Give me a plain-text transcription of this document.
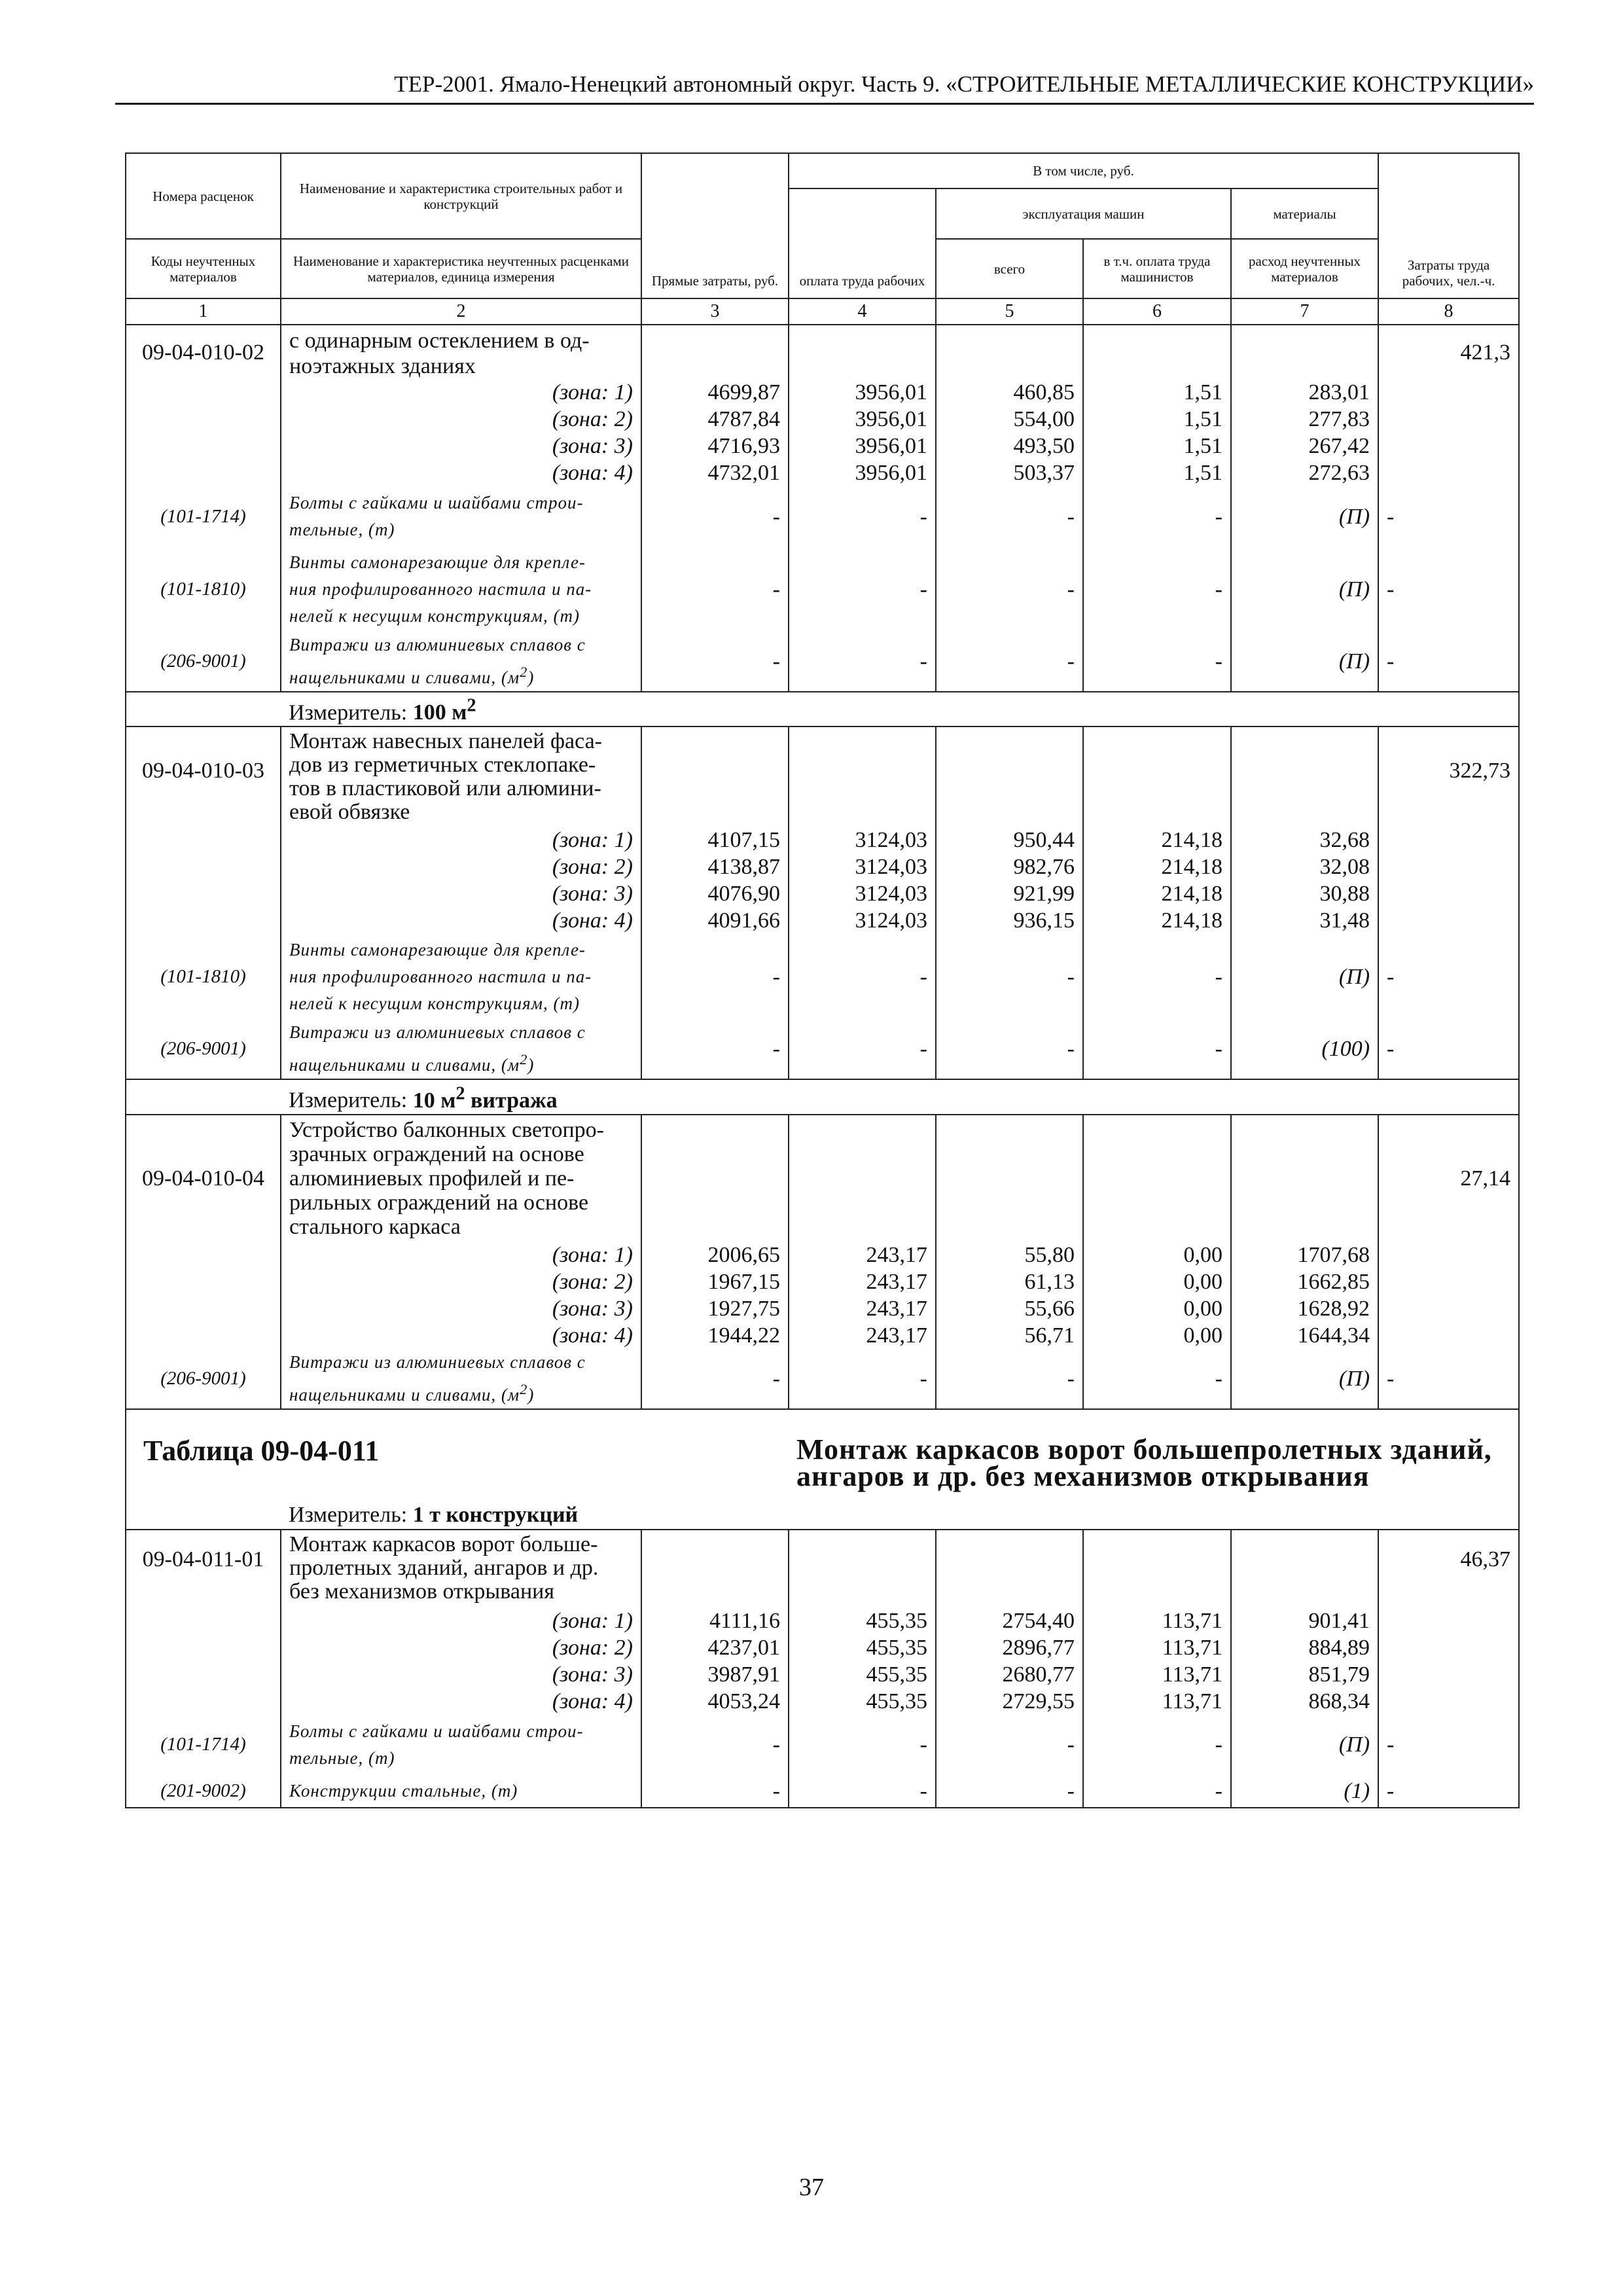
ТЕР-2001. Ямало-Ненецкий автономный округ. Часть 9. «СТРОИТЕЛЬНЫЕ МЕТАЛЛИЧЕСКИЕ КОНСТРУКЦИИ»
Номера расценок	Наименование и характеристика строительных работ и конструкций	Прямые затраты, руб.	В том числе, руб.				Затраты труда рабочих, чел.-ч.
			оплата труда рабочих	эксплуатация машин		материалы	
Коды неучтенных материалов	Наименование и характеристика неучтенных расценками материалов, единица измерения			всего	в т.ч. оплата труда машинистов	расход неучтенных материалов	
1	2	3	4	5	6	7	8
09-04-010-02	с одинарным остеклением в од-
ноэтажных зданиях						421,3
	(зона: 1)	4699,87	3956,01	460,85	1,51	283,01	
	(зона: 2)	4787,84	3956,01	554,00	1,51	277,83	
	(зона: 3)	4716,93	3956,01	493,50	1,51	267,42	
	(зона: 4)	4732,01	3956,01	503,37	1,51	272,63	
(101-1714)	Болты с гайками и шайбами строи-
тельные, (т)	-	-	-	-	(П)	-
(101-1810)	Винты самонарезающие для крепле-
ния профилированного настила и па-
нелей к несущим конструкциям, (т)	-	-	-	-	(П)	-
(206-9001)	Витражи из алюминиевых сплавов с
нащельниками и сливами, $(м^2)$	-	-	-	-	(П)	-
	Измеритель: 100 $м^2$
09-04-010-03	Монтаж навесных панелей фаса-
дов из герметичных стеклопаке-
тов в пластиковой или алюмини-
евой обвязке						322,73
	(зона: 1)	4107,15	3124,03	950,44	214,18	32,68	
	(зона: 2)	4138,87	3124,03	982,76	214,18	32,08	
	(зона: 3)	4076,90	3124,03	921,99	214,18	30,88	
	(зона: 4)	4091,66	3124,03	936,15	214,18	31,48	
(101-1810)	Винты самонарезающие для крепле-
ния профилированного настила и па-
нелей к несущим конструкциям, (т)	-	-	-	-	(П)	-
(206-9001)	Витражи из алюминиевых сплавов с
нащельниками и сливами, $(м^2)$	-	-	-	-	(100)	-
	Измеритель: 10 $м^2$ витража						
09-04-010-04	Устройство балконных светопро-
зрачных ограждений на основе
алюминиевых профилей и пе-
рильных ограждений на основе
стального каркаса						27,14
	(зона: 1)	2006,65	243,17	55,80	0,00	1707,68	
	(зона: 2)	1967,15	243,17	61,13	0,00	1662,85	
	(зона: 3)	1927,75	243,17	55,66	0,00	1628,92	
	(зона: 4)	1944,22	243,17	56,71	0,00	1644,34	
(206-9001)	Витражи из алюминиевых сплавов с
нащельниками и сливами, $(м^2)$	-	-	-	-	(П)	-
Таблица 09-04-011			Монтаж каркасов ворот большепролетных зданий,
ангаров и др. без механизмов открывания				
	Измеритель: 1 т конструкций						
09-04-011-01	Монтаж каркасов ворот больше-
пролетных зданий, ангаров и др.
без механизмов открывания						46,37
	(зона: 1)	4111,16	455,35	2754,40	113,71	901,41	
	(зона: 2)	4237,01	455,35	2896,77	113,71	884,89	
	(зона: 3)	3987,91	455,35	2680,77	113,71	851,79	
	(зона: 4)	4053,24	455,35	2729,55	113,71	868,34	
(101-1714)	Болты с гайками и шайбами строи-
тельные, (т)	-	-	-	-	(П)	-
(201-9002)	Конструкции стальные, (т)	-	-	-	-	(1)	-
37
